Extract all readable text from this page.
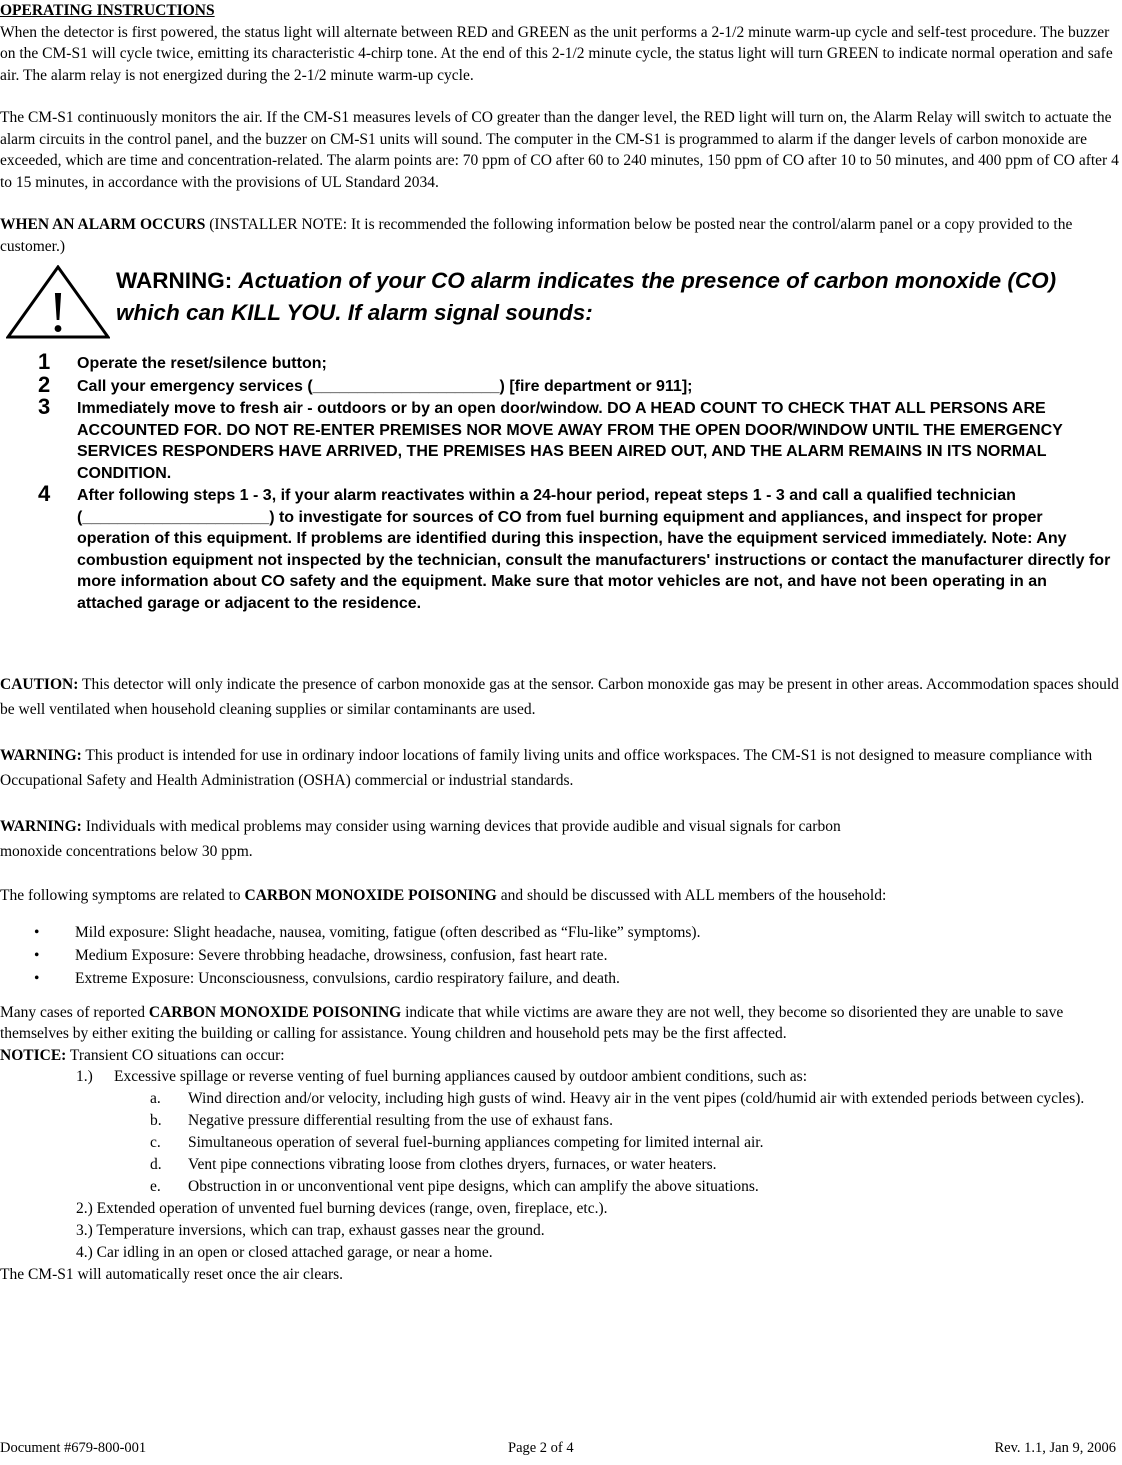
OPERATING INSTRUCTIONS

When the detector is first powered, the status light will alternate between RED and GREEN as the unit performs a 2-1/2 minute warm-up cycle and self-test procedure. The buzzer on the CM-S1 will cycle twice, emitting its characteristic 4-chirp tone. At the end of this 2-1/2 minute cycle, the status light will turn GREEN to indicate normal operation and safe air. The alarm relay is not energized during the 2-1/2 minute warm-up cycle.

The CM-S1 continuously monitors the air. If the CM-S1 measures levels of CO greater than the danger level, the RED light will turn on, the Alarm Relay will switch to actuate the alarm circuits in the control panel, and the buzzer on CM-S1 units will sound. The computer in the CM-S1 is programmed to alarm if the danger levels of carbon monoxide are exceeded, which are time and concentration-related. The alarm points are: 70 ppm of CO after 60 to 240 minutes, 150 ppm of CO after 10 to 50 minutes, and 400 ppm of CO after 4 to 15 minutes, in accordance with the provisions of UL Standard 2034.

WHEN AN ALARM OCCURS (INSTALLER NOTE: It is recommended the following information below be posted near the control/alarm panel or a copy provided to the customer.)

! WARNING: Actuation of your CO alarm indicates the presence of carbon monoxide (CO) which can KILL YOU. If alarm signal sounds:
1 Operate the reset/silence button;
2 Call your emergency services (_____________________) [fire department or 911];
3 Immediately move to fresh air - outdoors or by an open door/window. DO A HEAD COUNT TO CHECK THAT ALL PERSONS ARE ACCOUNTED FOR. DO NOT RE-ENTER PREMISES NOR MOVE AWAY FROM THE OPEN DOOR/WINDOW UNTIL THE EMERGENCY SERVICES RESPONDERS HAVE ARRIVED, THE PREMISES HAS BEEN AIRED OUT, AND THE ALARM REMAINS IN ITS NORMAL CONDITION.
4 After following steps 1 - 3, if your alarm reactivates within a 24-hour period, repeat steps 1 - 3 and call a qualified technician (_____________________) to investigate for sources of CO from fuel burning equipment and appliances, and inspect for proper operation of this equipment. If problems are identified during this inspection, have the equipment serviced immediately. Note: Any combustion equipment not inspected by the technician, consult the manufacturers' instructions or contact the manufacturer directly for more information about CO safety and the equipment. Make sure that motor vehicles are not, and have not been operating in an attached garage or adjacent to the residence.

CAUTION: This detector will only indicate the presence of carbon monoxide gas at the sensor. Carbon monoxide gas may be present in other areas. Accommodation spaces should be well ventilated when household cleaning supplies or similar contaminants are used.

WARNING: This product is intended for use in ordinary indoor locations of family living units and office workspaces. The CM-S1 is not designed to measure compliance with Occupational Safety and Health Administration (OSHA) commercial or industrial standards.

WARNING: Individuals with medical problems may consider using warning devices that provide audible and visual signals for carbon
monoxide concentrations below 30 ppm.

The following symptoms are related to CARBON MONOXIDE POISONING and should be discussed with ALL members of the household:

• Mild exposure: Slight headache, nausea, vomiting, fatigue (often described as “Flu-like” symptoms).
• Medium Exposure: Severe throbbing headache, drowsiness, confusion, fast heart rate.
• Extreme Exposure: Unconsciousness, convulsions, cardio respiratory failure, and death.

Many cases of reported CARBON MONOXIDE POISONING indicate that while victims are aware they are not well, they become so disoriented they are unable to save themselves by either exiting the building or calling for assistance. Young children and household pets may be the first affected.

NOTICE: Transient CO situations can occur:

1.) Excessive spillage or reverse venting of fuel burning appliances caused by outdoor ambient conditions, such as:
a. Wind direction and/or velocity, including high gusts of wind. Heavy air in the vent pipes (cold/humid air with extended periods between cycles).
b. Negative pressure differential resulting from the use of exhaust fans.
c. Simultaneous operation of several fuel-burning appliances competing for limited internal air.
d. Vent pipe connections vibrating loose from clothes dryers, furnaces, or water heaters.
e. Obstruction in or unconventional vent pipe designs, which can amplify the above situations.
2.) Extended operation of unvented fuel burning devices (range, oven, fireplace, etc.).
3.) Temperature inversions, which can trap, exhaust gasses near the ground.
4.) Car idling in an open or closed attached garage, or near a home.

The CM-S1 will automatically reset once the air clears.

Document #679-800-001	Page 2 of 4	Rev. 1.1, Jan 9, 2006
